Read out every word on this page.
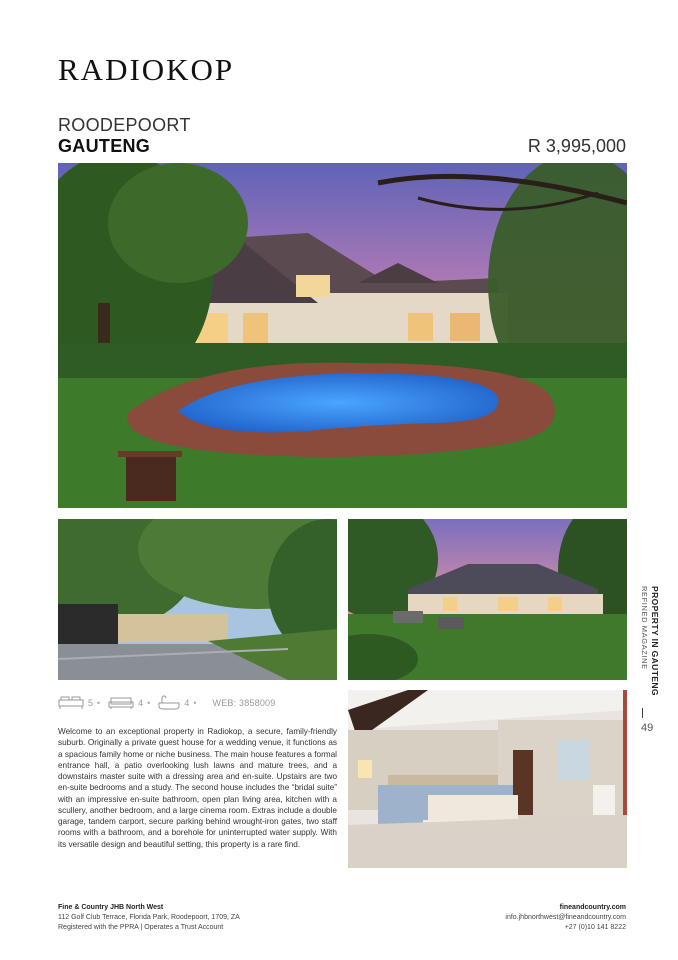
RADIOKOP
ROODEPOORT
GAUTENG	R 3,995,000
5 •	4 •	4 • WEB: 3858009

Welcome to an exceptional property in Radiokop, a secure, family-friendly suburb. Originally a private guest house for a wedding venue, it functions as a spacious family home or niche business. The main house features a formal entrance hall, a patio overlooking lush lawns and mature trees, and a downstairs master suite with a dressing area and en-suite. Upstairs are two en-suite bedrooms and a study. The second house includes the “bridal suite” with an impressive en-suite bathroom, open plan living area, kitchen with a scullery, another bedroom, and a large cinema room. Extras include a double garage, tandem carport, secure parking behind wrought-iron gates, two staff rooms with a bathroom, and a borehole for uninterrupted water supply. With its versatile design and beautiful setting, this property is a rare find.

PROPERTY IN GAUTENG
REFINED MAGAZINE
49
Fine & Country JHB North West
112 Golf Club Terrace, Florida Park, Roodepoort, 1709, ZA
Registered with the PPRA | Operates a Trust Account
fineandcountry.com
info.jhbnorthwest@fineandcountry.com
+27 (0)10 141 8222
